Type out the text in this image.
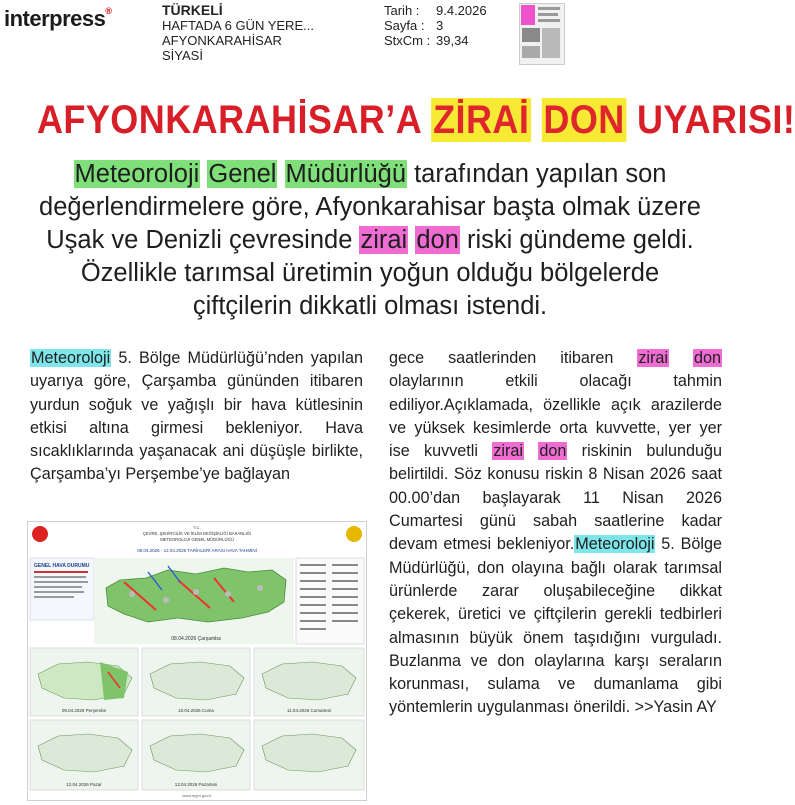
interpress®	TÜRKELİ
HAFTADA 6 GÜN YERE...
AFYONKARAHİSAR
SİYASİ
Tarih : 9.4.2026
Sayfa : 3
StxCm : 39,34
AFYONKARAHİSAR’A ZİRAİ DON UYARISI!
Meteoroloji Genel Müdürlüğü tarafından yapılan son değerlendirmelere göre, Afyonkarahisar başta olmak üzere Uşak ve Denizli çevresinde zirai don riski gündeme geldi. Özellikle tarımsal üretimin yoğun olduğu bölgelerde çiftçilerin dikkatli olması istendi.
Meteoroloji 5. Bölge Müdürlüğü’nden yapılan uyarıya göre, Çarşamba gününden itibaren yurdun soğuk ve yağışlı bir hava kütlesinin etkisi altına girmesi bekleniyor. Hava sıcaklıklarında yaşanacak ani düşüşle birlikte, Çarşamba’yı Perşembe’ye bağlayan
gece saatlerinden itibaren zirai don olaylarının etkili olacağı tahmin ediliyor.Açıklamada, özellikle açık arazilerde ve yüksek kesimlerde orta kuvvette, yer yer ise kuvvetli zirai don riskinin bulunduğu belirtildi. Söz konusu riskin 8 Nisan 2026 saat 00.00’dan başlayarak 11 Nisan 2026 Cumartesi günü sabah saatlerine kadar devam etmesi bekleniyor.Meteoroloji 5. Bölge Müdürlüğü, don olayına bağlı olarak tarımsal ürünlerde zarar oluşabileceğine dikkat çekerek, üretici ve çiftçilerin gerekli tedbirleri almasının büyük önem taşıdığını vurguladı. Buzlanma ve don olaylarına karşı seraların korunması, sulama ve dumanlama gibi yöntemlerin uygulanması önerildi. >>Yasin AY
T.C.
ÇEVRE, ŞEHİRCİLİK VE İKLİM DEĞİŞİKLİĞİ BAKANLIĞI
METEOROLOJİ GENEL MÜDÜRLÜĞÜ
08.04.2026 - 12.04.2026 TARİHLERİ ARASI HAVA TAHMİNİ
GENEL HAVA DURUMU
08.04.2026 Çarşamba
09.04.2026 Perşembe	10.04.2026 Cuma	11.04.2026 Cumartesi
12.04.2026 Pazar	13.04.2026 Pazartesi
www.mgm.gov.tr
